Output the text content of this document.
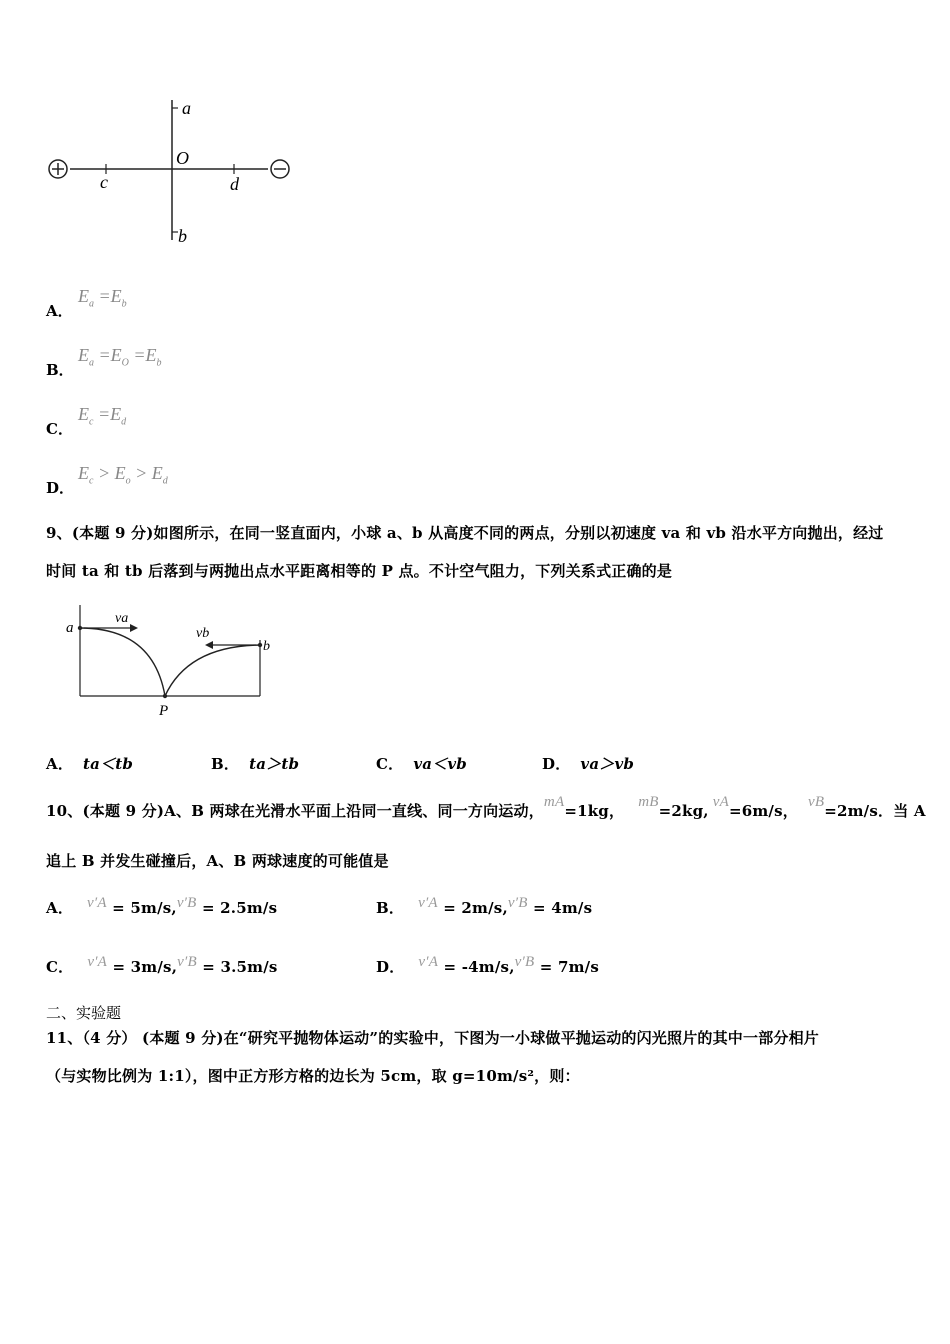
a
b
c	d
O
A．
$E_a =E_b$
B．
$E_a =E_O =E_b$
C．
$E_c =E_d$
D．
$E_c > E_o > E_d$
9、(本题 9 分)如图所示，在同一竖直面内，小球 a、b 从高度不同的两点，分别以初速度 va 和 vb 沿水平方向抛出，经过
时间 ta 和 tb 后落到与两抛出点水平距离相等的 P 点。不计空气阻力，下列关系式正确的是
a
b
va
vb
P
A． ta＜tb	B． ta＞tb	C． va＜vb	D． va＞vb
10、(本题 9 分)A、B 两球在光滑水平面上沿同一直线、同一方向运动，mA=1kg， mB=2kg, vA=6m/s， vB=2m/s．当 A
追上 B 并发生碰撞后，A、B 两球速度的可能值是
A． v′A = 5m/s,v′B = 2.5m/s	B． v′A = 2m/s,v′B = 4m/s
C． v′A = 3m/s,v′B = 3.5m/s	D． v′A = -4m/s,v′B = 7m/s
二、实验题
11、（4 分） (本题 9 分)在“研究平抛物体运动”的实验中，下图为一小球做平抛运动的闪光照片的其中一部分相片
（与实物比例为 1:1），图中正方形方格的边长为 5cm，取 g=10m/s²，则：
